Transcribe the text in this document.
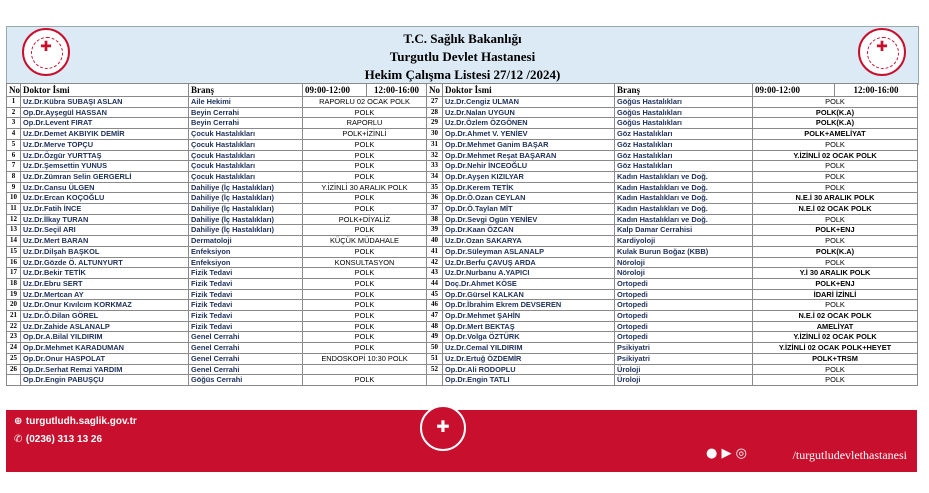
T.C. Sağlık Bakanlığı
Turgutlu Devlet Hastanesi
Hekim Çalışma Listesi 27/12 /2024)
✚	✚
No	Doktor İsmi	Branş	09:00-12:00	12:00-16:00
1	Uz.Dr.Kübra SUBAŞI ASLAN	Aile Hekimi	RAPORLU 02 OCAK POLK	
2	Op.Dr.Ayşegül HASSAN	Beyin Cerrahi	POLK	
3	Op.Dr.Levent FIRAT	Beyin Cerrahi	RAPORLU	
4	Uz.Dr.Demet AKBIYIK DEMİR	Çocuk Hastalıkları	POLK+İZİNLİ	
5	Uz.Dr.Merve TOPÇU	Çocuk Hastalıkları	POLK	
6	Uz.Dr.Özgür YURTTAŞ	Çocuk Hastalıkları	POLK	
7	Uz.Dr.Şemsettin YUNUS	Çocuk Hastalıkları	POLK	
8	Uz.Dr.Zümran Selin GERGERLİ	Çocuk Hastalıkları	POLK	
9	Uz.Dr.Cansu ÜLGEN	Dahiliye (İç Hastalıkları)	Y.İZİNLİ 30 ARALIK POLK	
10	Uz.Dr.Ercan KOÇOĞLU	Dahiliye (İç Hastalıkları)	POLK	
11	Uz.Dr.Fatih İNCE	Dahiliye (İç Hastalıkları)	POLK	
12	Uz.Dr.İlkay TURAN	Dahiliye (İç Hastalıkları)	POLK+DİYALİZ	
13	Uz.Dr.Seçil ARI	Dahiliye (İç Hastalıkları)	POLK	
14	Uz.Dr.Mert BARAN	Dermatoloji	KÜÇÜK MÜDAHALE	
15	Uz.Dr.Dilşah BAŞKOL	Enfeksiyon	POLK	
16	Uz.Dr.Gözde Ö. ALTUNYURT	Enfeksiyon	KONSULTASYON	
17	Uz.Dr.Bekir TETİK	Fizik Tedavi	POLK	
18	Uz.Dr.Ebru SERT	Fizik Tedavi	POLK	
19	Uz.Dr.Mertcan AY	Fizik Tedavi	POLK	
20	Uz.Dr.Onur Kıvılcım KORKMAZ	Fizik Tedavi	POLK	
21	Uz.Dr.Ö.Dilan GÖREL	Fizik Tedavi	POLK	
22	Uz.Dr.Zahide ASLANALP	Fizik Tedavi	POLK	
23	Op.Dr.A.Bilal YILDIRIM	Genel Cerrahi	POLK	
24	Op.Dr.Mehmet KARADUMAN	Genel Cerrahi	POLK	
25	Op.Dr.Onur HASPOLAT	Genel Cerrahi	ENDOSKOPİ 10:30 POLK	
26	Op.Dr.Serhat Remzi YARDIM	Genel Cerrahi		
	Op.Dr.Engin PABUŞÇU	Göğüs Cerrahi	POLK	
No	Doktor İsmi	Branş	09:00-12:00	12:00-16:00
27	Uz.Dr.Cengiz ULMAN	Göğüs Hastalıkları	POLK	
28	Uz.Dr.Nalan UYGUN	Göğüs Hastalıkları	POLK(K.A)	
29	Uz.Dr.Özlem ÖZGÖNEN	Göğüs Hastalıkları	POLK(K.A)	
30	Op.Dr.Ahmet V. YENİEV	Göz Hastalıkları	POLK+AMELİYAT	
31	Op.Dr.Mehmet Ganim BAŞAR	Göz Hastalıkları	POLK	
32	Op.Dr.Mehmet Reşat BAŞARAN	Göz Hastalıkları	Y.İZİNLİ 02 OCAK POLK	
33	Op.Dr.Nehir İNCEOĞLU	Göz Hastalıkları	POLK	
34	Op.Dr.Ayşen KIZILYAR	Kadın Hastalıkları ve Doğ.	POLK	
35	Op.Dr.Kerem TETİK	Kadın Hastalıkları ve Doğ.	POLK	
36	Op.Dr.Ö.Ozan CEYLAN	Kadın Hastalıkları ve Doğ.	N.E.İ 30 ARALIK POLK	
37	Op.Dr.Ö.Taylan MİT	Kadın Hastalıkları ve Doğ.	N.E.İ 02 OCAK POLK	
38	Op.Dr.Sevgi Ogün YENİEV	Kadın Hastalıkları ve Doğ.	POLK	
39	Op.Dr.Kaan ÖZCAN	Kalp Damar Cerrahisi	POLK+ENJ	
40	Uz.Dr.Ozan SAKARYA	Kardiyoloji	POLK	
41	Op.Dr.Süleyman ASLANALP	Kulak Burun Boğaz (KBB)	POLK(K.A)	
42	Uz.Dr.Berfu ÇAVUŞ ARDA	Nöroloji	POLK	
43	Uz.Dr.Nurbanu A.YAPICI	Nöroloji	Y.İ 30 ARALIK POLK	
44	Doç.Dr.Ahmet KÖSE	Ortopedi	POLK+ENJ	
45	Op.Dr.Gürsel KALKAN	Ortopedi	İDARİ İZİNLİ	
46	Op.Dr.İbrahim Ekrem DEVSEREN	Ortopedi	POLK	
47	Op.Dr.Mehmet ŞAHİN	Ortopedi	N.E.İ 02 OCAK POLK	
48	Op.Dr.Mert BEKTAŞ	Ortopedi	AMELİYAT	
49	Op.Dr.Volga ÖZTÜRK	Ortopedi	Y.İZİNLİ 02 OCAK POLK	
50	Uz.Dr.Cemal YILDIRIM	Psikiyatri	Y.İZİNLİ 02 OCAK POLK+HEYET	
51	Uz.Dr.Ertuğ ÖZDEMİR	Psikiyatri	POLK+TRSM	
52	Op.Dr.Ali RODOPLU	Üroloji	POLK	
	Op.Dr.Engin TATLI	Üroloji	POLK	
⊕ turgutludh.saglik.gov.tr
✆ (0236) 313 13 26
● ▶ ◎	/turgutludevlethastanesi
✚
